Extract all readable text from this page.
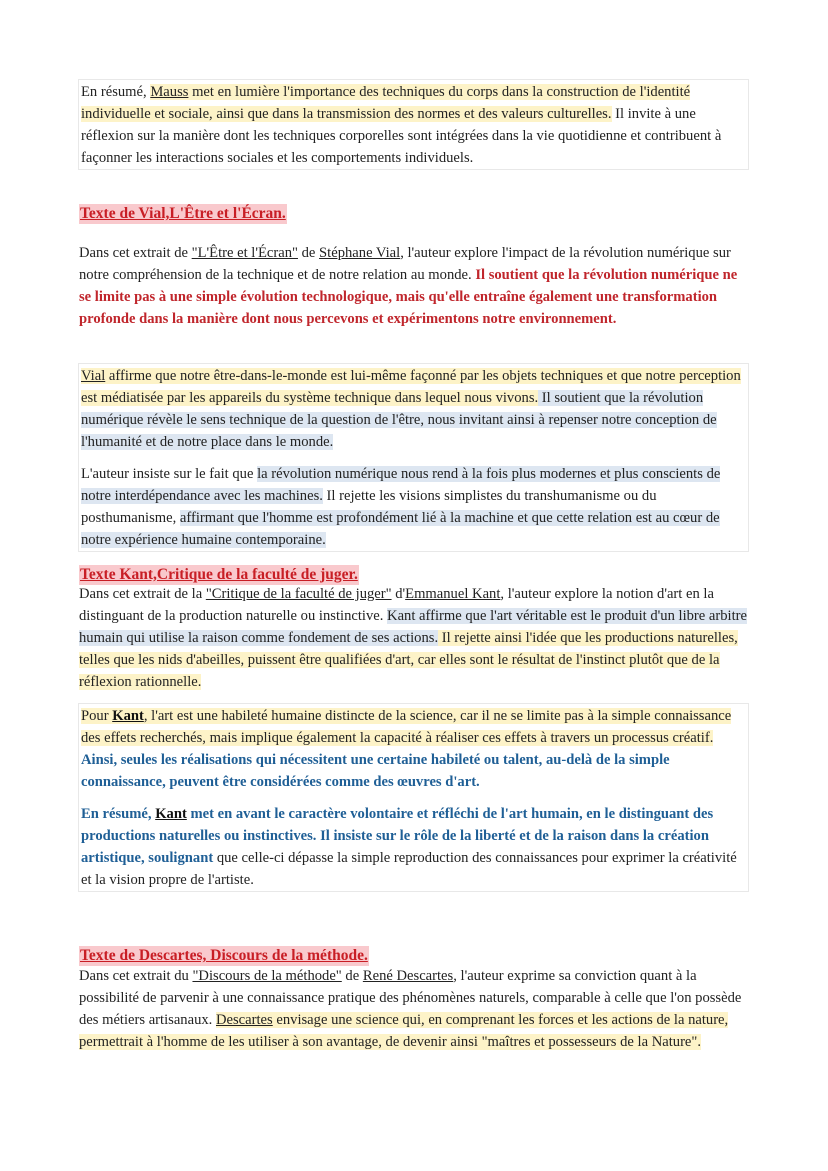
En résumé, Mauss met en lumière l'importance des techniques du corps dans la construction de l'identité individuelle et sociale, ainsi que dans la transmission des normes et des valeurs culturelles. Il invite à une réflexion sur la manière dont les techniques corporelles sont intégrées dans la vie quotidienne et contribuent à façonner les interactions sociales et les comportements individuels.

Texte de Vial,L'Être et l'Écran.

Dans cet extrait de "L'Être et l'Écran" de Stéphane Vial, l'auteur explore l'impact de la révolution numérique sur notre compréhension de la technique et de notre relation au monde. Il soutient que la révolution numérique ne se limite pas à une simple évolution technologique, mais qu'elle entraîne également une transformation profonde dans la manière dont nous percevons et expérimentons notre environnement.

Vial affirme que notre être-dans-le-monde est lui-même façonné par les objets techniques et que notre perception est médiatisée par les appareils du système technique dans lequel nous vivons. Il soutient que la révolution numérique révèle le sens technique de la question de l'être, nous invitant ainsi à repenser notre conception de l'humanité et de notre place dans le monde.

L'auteur insiste sur le fait que la révolution numérique nous rend à la fois plus modernes et plus conscients de notre interdépendance avec les machines. Il rejette les visions simplistes du transhumanisme ou du posthumanisme, affirmant que l'homme est profondément lié à la machine et que cette relation est au cœur de notre expérience humaine contemporaine.

Texte Kant,Critique de la faculté de juger.

Dans cet extrait de la "Critique de la faculté de juger" d'Emmanuel Kant, l'auteur explore la notion d'art en la distinguant de la production naturelle ou instinctive. Kant affirme que l'art véritable est le produit d'un libre arbitre humain qui utilise la raison comme fondement de ses actions. Il rejette ainsi l'idée que les productions naturelles, telles que les nids d'abeilles, puissent être qualifiées d'art, car elles sont le résultat de l'instinct plutôt que de la réflexion rationnelle.

Pour Kant, l'art est une habileté humaine distincte de la science, car il ne se limite pas à la simple connaissance des effets recherchés, mais implique également la capacité à réaliser ces effets à travers un processus créatif. Ainsi, seules les réalisations qui nécessitent une certaine habileté ou talent, au-delà de la simple connaissance, peuvent être considérées comme des œuvres d'art.

En résumé, Kant met en avant le caractère volontaire et réfléchi de l'art humain, en le distinguant des productions naturelles ou instinctives. Il insiste sur le rôle de la liberté et de la raison dans la création artistique, soulignant que celle-ci dépasse la simple reproduction des connaissances pour exprimer la créativité et la vision propre de l'artiste.

Texte de Descartes, Discours de la méthode.

Dans cet extrait du "Discours de la méthode" de René Descartes, l'auteur exprime sa conviction quant à la possibilité de parvenir à une connaissance pratique des phénomènes naturels, comparable à celle que l'on possède des métiers artisanaux. Descartes envisage une science qui, en comprenant les forces et les actions de la nature, permettrait à l'homme de les utiliser à son avantage, de devenir ainsi "maîtres et possesseurs de la Nature".
